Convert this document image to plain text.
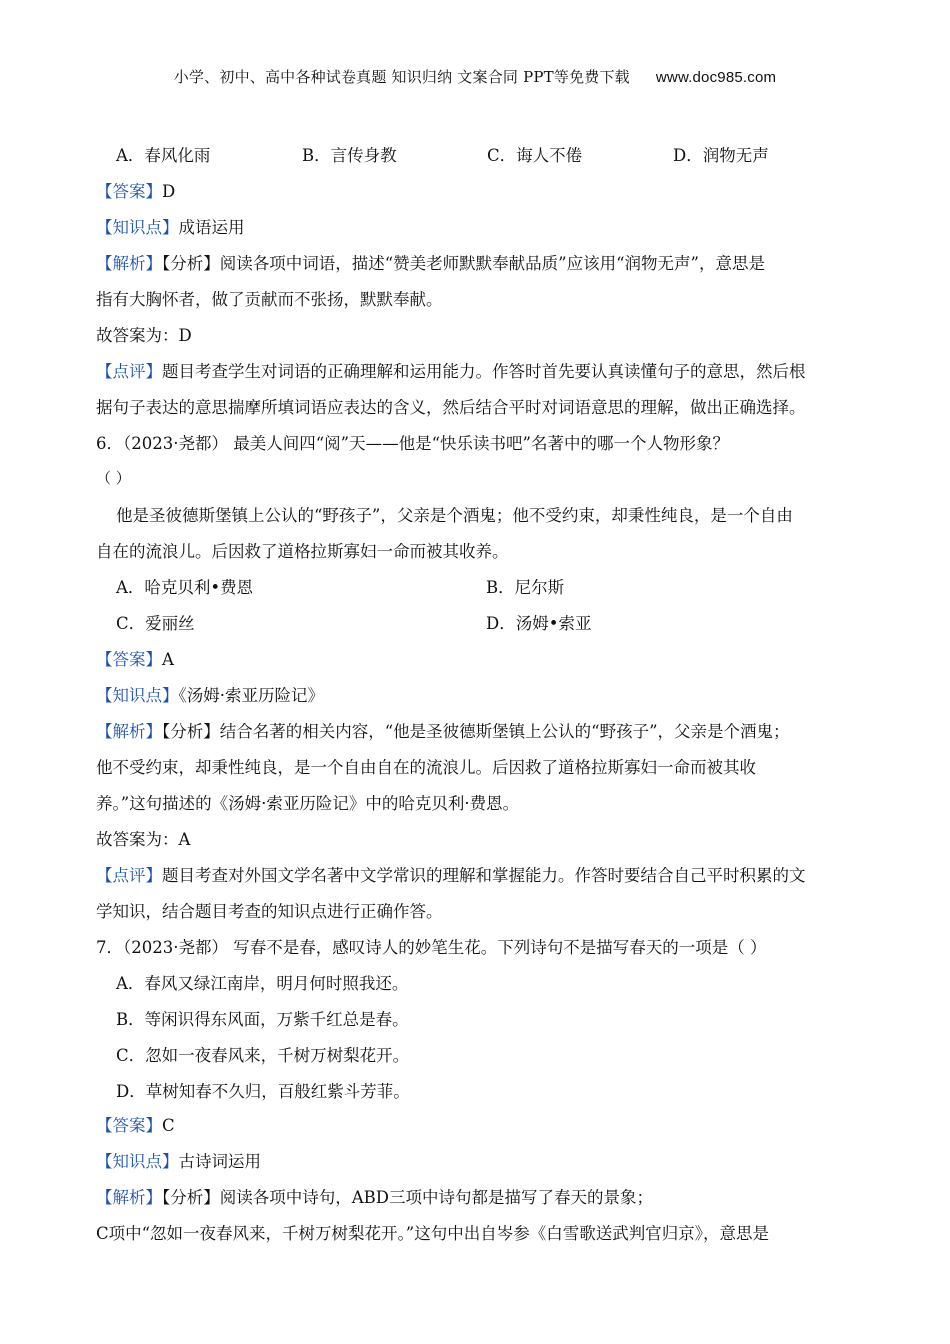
小学、初中、高中各种试卷真题 知识归纳 文案合同 PPT等免费下载 www.doc985.com
A．春风化雨	B．言传身教	C．诲人不倦	D．润物无声
【答案】D
【知识点】成语运用
【解析】【分析】阅读各项中词语，描述“赞美老师默默奉献品质”应该用“润物无声”，意思是
指有大胸怀者，做了贡献而不张扬，默默奉献。
故答案为：D
【点评】题目考查学生对词语的正确理解和运用能力。作答时首先要认真读懂句子的意思，然后根
据句子表达的意思揣摩所填词语应表达的含义，然后结合平时对词语意思的理解，做出正确选择。
6．（2023·尧都） 最美人间四“阅”天——他是“快乐读书吧”名著中的哪一个人物形象？
（ ）
他是圣彼德斯堡镇上公认的“野孩子”，父亲是个酒鬼；他不受约束，却秉性纯良，是一个自由
自在的流浪儿。后因救了道格拉斯寡妇一命而被其收养。
A．哈克贝利•费恩	B．尼尔斯
C．爱丽丝	D．汤姆•索亚
【答案】A
【知识点】《汤姆·索亚历险记》
【解析】【分析】结合名著的相关内容，“他是圣彼德斯堡镇上公认的“野孩子”，父亲是个酒鬼；
他不受约束，却秉性纯良，是一个自由自在的流浪儿。后因救了道格拉斯寡妇一命而被其收
养。”这句描述的《汤姆·索亚历险记》中的哈克贝利·费恩。
故答案为：A
【点评】题目考查对外国文学名著中文学常识的理解和掌握能力。作答时要结合自己平时积累的文
学知识，结合题目考查的知识点进行正确作答。
7．（2023·尧都） 写春不是春，感叹诗人的妙笔生花。下列诗句不是描写春天的一项是（ ）
A．春风又绿江南岸，明月何时照我还。
B．等闲识得东风面，万紫千红总是春。
C．忽如一夜春风来，千树万树梨花开。
D．草树知春不久归，百般红紫斗芳菲。
【答案】C
【知识点】古诗词运用
【解析】【分析】阅读各项中诗句，ABD三项中诗句都是描写了春天的景象；
C项中“忽如一夜春风来，千树万树梨花开。”这句中出自岑参《白雪歌送武判官归京》，意思是
